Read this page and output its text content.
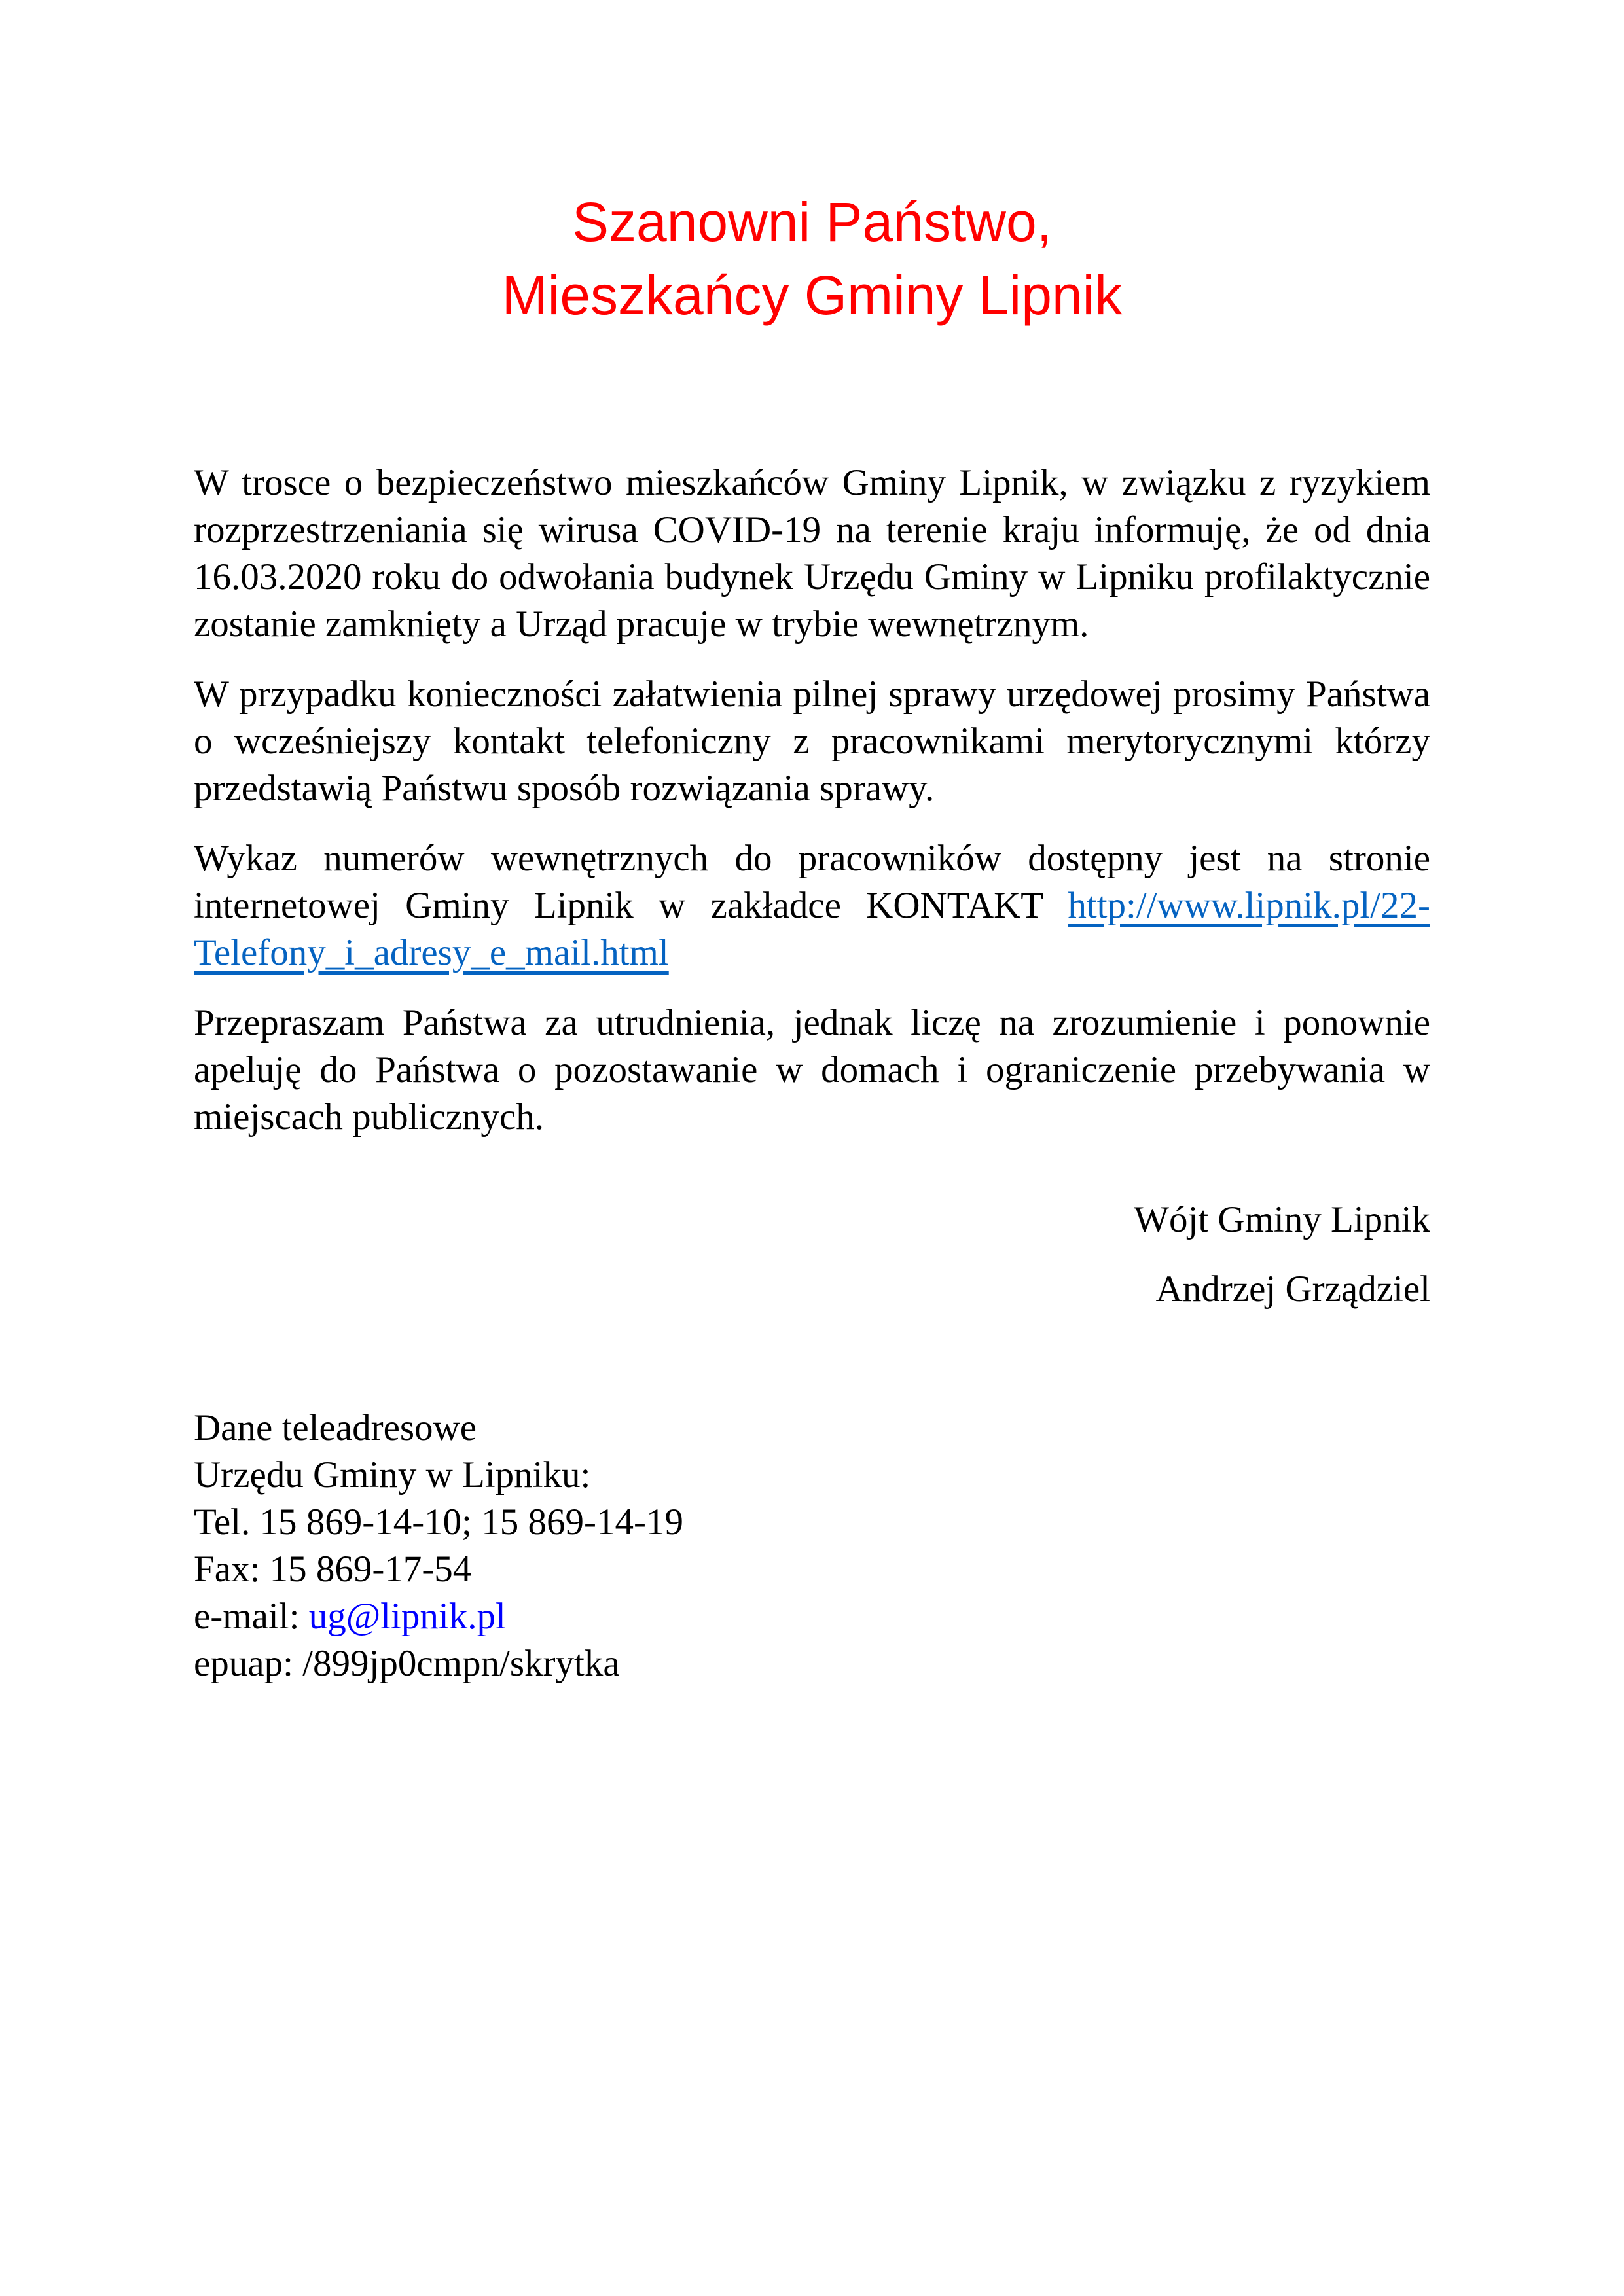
Szanowni Państwo,
Mieszkańcy Gminy Lipnik

W trosce o bezpieczeństwo mieszkańców Gminy Lipnik, w związku z ryzykiem rozprzestrzeniania się wirusa COVID-19 na terenie kraju informuję, że od dnia 16.03.2020 roku do odwołania budynek Urzędu Gminy w Lipniku profilaktycznie zostanie zamknięty a Urząd pracuje w trybie wewnętrznym.

W przypadku konieczności załatwienia pilnej sprawy urzędowej prosimy Państwa o wcześniejszy kontakt telefoniczny z pracownikami merytorycznymi którzy przedstawią Państwu sposób rozwiązania sprawy.

Wykaz numerów wewnętrznych do pracowników dostępny jest na stronie internetowej Gminy Lipnik w zakładce KONTAKT http://www.lipnik.pl/22-Telefony_i_adresy_e_mail.html

Przepraszam Państwa za utrudnienia, jednak liczę na zrozumienie i ponownie apeluję do Państwa o pozostawanie w domach i ograniczenie przebywania w miejscach publicznych.

Wójt Gminy Lipnik

Andrzej Grządziel

Dane teleadresowe

Urzędu Gminy w Lipniku:

Tel. 15 869-14-10; 15 869-14-19

Fax: 15 869-17-54

e-mail: ug@lipnik.pl

epuap: /899jp0cmpn/skrytka
